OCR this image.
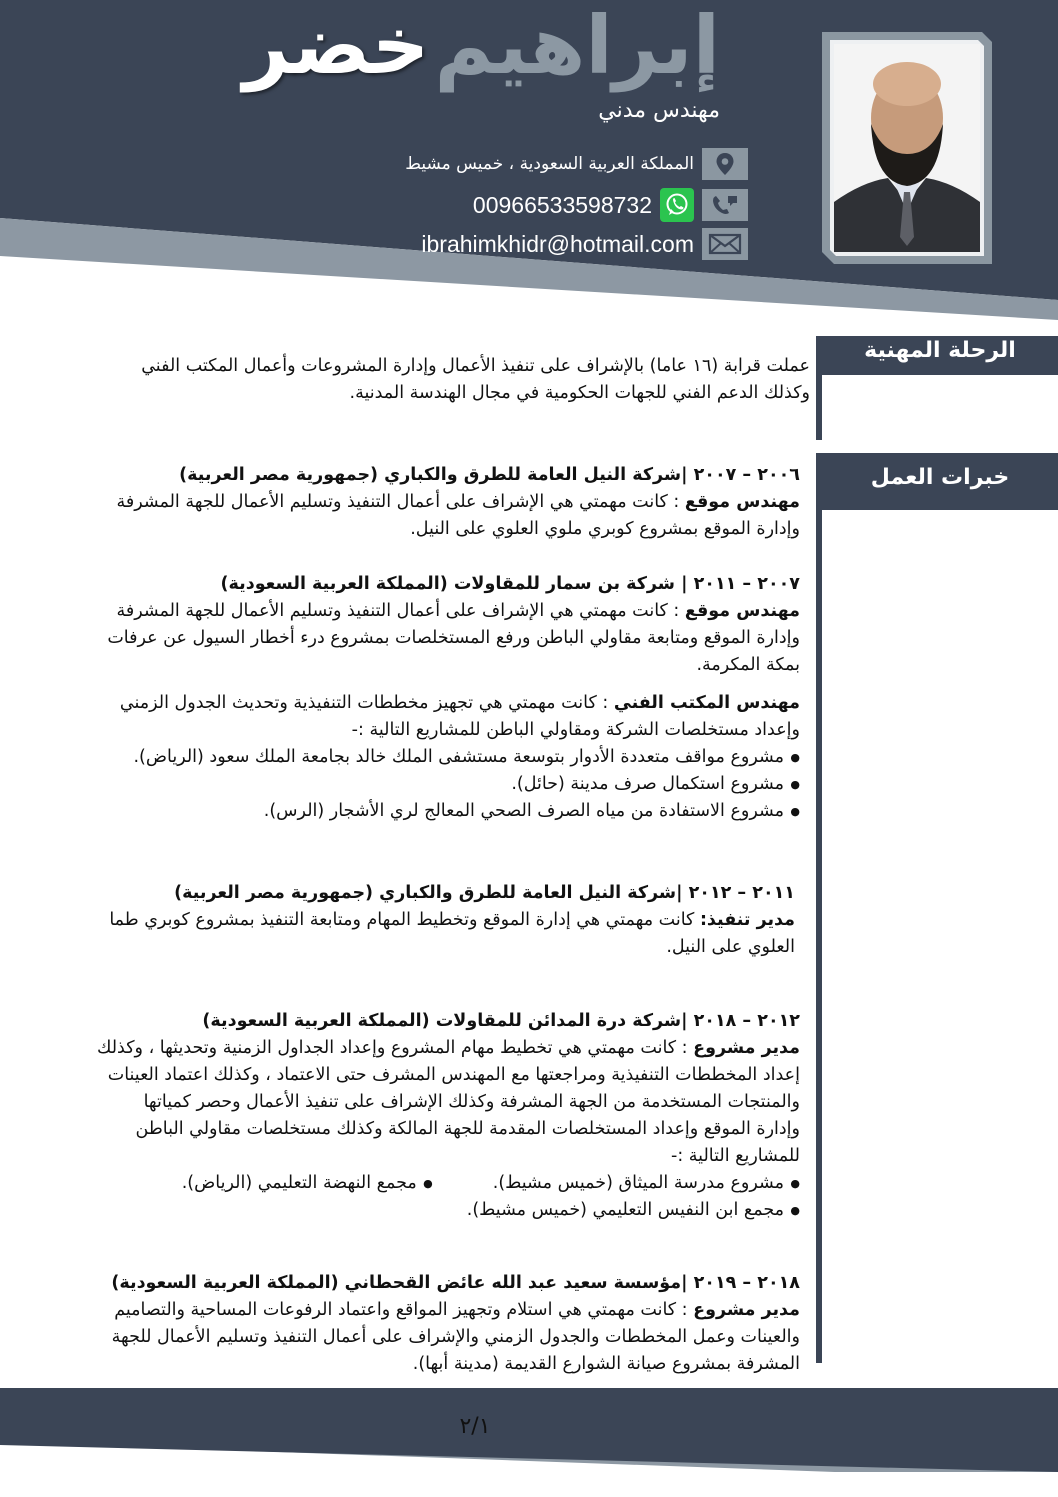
إبراهيم خضر
مهندس مدني
المملكة العربية السعودية ، خميس مشيط
00966533598732
ibrahimkhidr@hotmail.com
الرحلة المهنية
خبرات العمل
عملت قرابة (١٦ عاما) بالإشراف على تنفيذ الأعمال وإدارة المشروعات وأعمال المكتب الفني
وكذلك الدعم الفني للجهات الحكومية في مجال الهندسة المدنية.
٢٠٠٦ – ٢٠٠٧ |شركة النيل العامة للطرق والكباري (جمهورية مصر العربية)
مهندس موقع : كانت مهمتي هي الإشراف على أعمال التنفيذ وتسليم الأعمال للجهة المشرفة
وإدارة الموقع بمشروع كوبري ملوي العلوي على النيل.
٢٠٠٧ – ٢٠١١ | شركة بن سمار للمقاولات (المملكة العربية السعودية)
مهندس موقع : كانت مهمتي هي الإشراف على أعمال التنفيذ وتسليم الأعمال للجهة المشرفة
وإدارة الموقع ومتابعة مقاولي الباطن ورفع المستخلصات بمشروع درء أخطار السيول عن عرفات
بمكة المكرمة.
مهندس المكتب الفني : كانت مهمتي هي تجهيز مخططات التنفيذية وتحديث الجدول الزمني
وإعداد مستخلصات الشركة ومقاولي الباطن للمشاريع التالية :-
● مشروع مواقف متعددة الأدوار بتوسعة مستشفى الملك خالد بجامعة الملك سعود (الرياض).
● مشروع استكمال صرف مدينة (حائل).
● مشروع الاستفادة من مياه الصرف الصحي المعالج لري الأشجار (الرس).
٢٠١١ – ٢٠١٢ |شركة النيل العامة للطرق والكباري (جمهورية مصر العربية)
مدير تنفيذ: كانت مهمتي هي إدارة الموقع وتخطيط المهام ومتابعة التنفيذ بمشروع كوبري طما
العلوي على النيل.
٢٠١٢ – ٢٠١٨ |شركة درة المدائن للمقاولات (المملكة العربية السعودية)
مدير مشروع : كانت مهمتي هي تخطيط مهام المشروع وإعداد الجداول الزمنية وتحديثها ، وكذلك
إعداد المخططات التنفيذية ومراجعتها مع المهندس المشرف حتى الاعتماد ، وكذلك اعتماد العينات
والمنتجات المستخدمة من الجهة المشرفة وكذلك الإشراف على تنفيذ الأعمال وحصر كمياتها
وإدارة الموقع وإعداد المستخلصات المقدمة للجهة المالكة وكذلك مستخلصات مقاولي الباطن
للمشاريع التالية :-
● مشروع مدرسة الميثاق (خميس مشيط).
● مجمع النهضة التعليمي (الرياض).
● مجمع ابن النفيس التعليمي (خميس مشيط).
٢٠١٨ – ٢٠١٩ |مؤسسة سعيد عبد الله عائض القحطاني (المملكة العربية السعودية)
مدير مشروع : كانت مهمتي هي استلام وتجهيز المواقع واعتماد الرفوعات المساحية والتصاميم
والعينات وعمل المخططات والجدول الزمني والإشراف على أعمال التنفيذ وتسليم الأعمال للجهة
المشرفة بمشروع صيانة الشوارع القديمة (مدينة أبها).
٢/١
